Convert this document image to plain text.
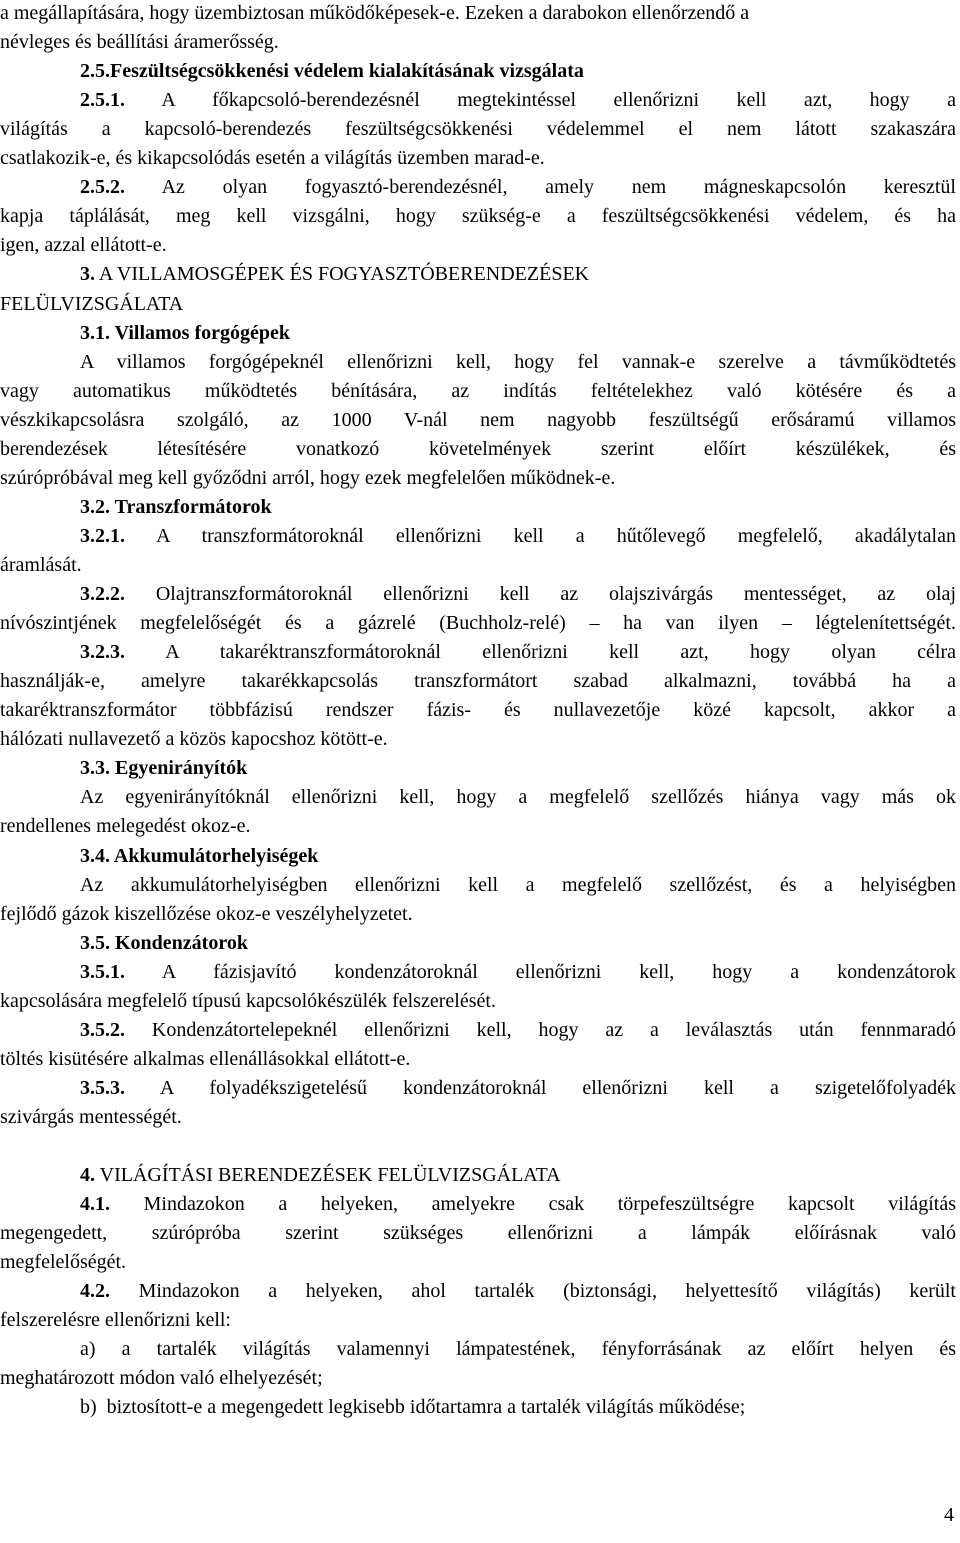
a megállapítására, hogy üzembiztosan működőképesek-e. Ezeken a darabokon ellenőrzendő a
névleges és beállítási áramerősség.
2.5.Feszültségcsökkenési védelem kialakításának vizsgálata
2.5.1. A főkapcsoló-berendezésnél megtekintéssel ellenőrizni kell azt, hogy a
világítás a kapcsoló-berendezés feszültségcsökkenési védelemmel el nem látott szakaszára
csatlakozik-e, és kikapcsolódás esetén a világítás üzemben marad-e.
2.5.2. Az olyan fogyasztó-berendezésnél, amely nem mágneskapcsolón keresztül
kapja táplálását, meg kell vizsgálni, hogy szükség-e a feszültségcsökkenési védelem, és ha
igen, azzal ellátott-e.
3. A VILLAMOSGÉPEK ÉS FOGYASZTÓBERENDEZÉSEK
FELÜLVIZSGÁLATA
3.1. Villamos forgógépek
A villamos forgógépeknél ellenőrizni kell, hogy fel vannak-e szerelve a távműködtetés
vagy automatikus működtetés bénítására, az indítás feltételekhez való kötésére és a
vészkikapcsolásra szolgáló, az 1000 V-nál nem nagyobb feszültségű erősáramú villamos
berendezések létesítésére vonatkozó követelmények szerint előírt készülékek, és
szúrópróbával meg kell győződni arról, hogy ezek megfelelően működnek-e.
3.2. Transzformátorok
3.2.1. A transzformátoroknál ellenőrizni kell a hűtőlevegő megfelelő, akadálytalan
áramlását.
3.2.2. Olajtranszformátoroknál ellenőrizni kell az olajszivárgás mentességet, az olaj
nívószintjének megfelelőségét és a gázrelé (Buchholz-relé) – ha van ilyen – légtelenítettségét.
3.2.3. A takaréktranszformátoroknál ellenőrizni kell azt, hogy olyan célra
használják-e, amelyre takarékkapcsolás transzformátort szabad alkalmazni, továbbá ha a
takaréktranszformátor többfázisú rendszer fázis- és nullavezetője közé kapcsolt, akkor a
hálózati nullavezető a közös kapocshoz kötött-e.
3.3. Egyenirányítók
Az egyenirányítóknál ellenőrizni kell, hogy a megfelelő szellőzés hiánya vagy más ok
rendellenes melegedést okoz-e.
3.4. Akkumulátorhelyiségek
Az akkumulátorhelyiségben ellenőrizni kell a megfelelő szellőzést, és a helyiségben
fejlődő gázok kiszellőzése okoz-e veszélyhelyzetet.
3.5. Kondenzátorok
3.5.1. A fázisjavító kondenzátoroknál ellenőrizni kell, hogy a kondenzátorok
kapcsolására megfelelő típusú kapcsolókészülék felszerelését.
3.5.2. Kondenzátortelepeknél ellenőrizni kell, hogy az a leválasztás után fennmaradó
töltés kisütésére alkalmas ellenállásokkal ellátott-e.
3.5.3. A folyadékszigetelésű kondenzátoroknál ellenőrizni kell a szigetelőfolyadék
szivárgás mentességét.
4. VILÁGÍTÁSI BERENDEZÉSEK FELÜLVIZSGÁLATA
4.1. Mindazokon a helyeken, amelyekre csak törpefeszültségre kapcsolt világítás
megengedett, szúrópróba szerint szükséges ellenőrizni a lámpák előírásnak való
megfelelőségét.
4.2. Mindazokon a helyeken, ahol tartalék (biztonsági, helyettesítő világítás) került
felszerelésre ellenőrizni kell:
a) a tartalék világítás valamennyi lámpatestének, fényforrásának az előírt helyen és
meghatározott módon való elhelyezését;
b)  biztosított-e a megengedett legkisebb időtartamra a tartalék világítás működése;
4
